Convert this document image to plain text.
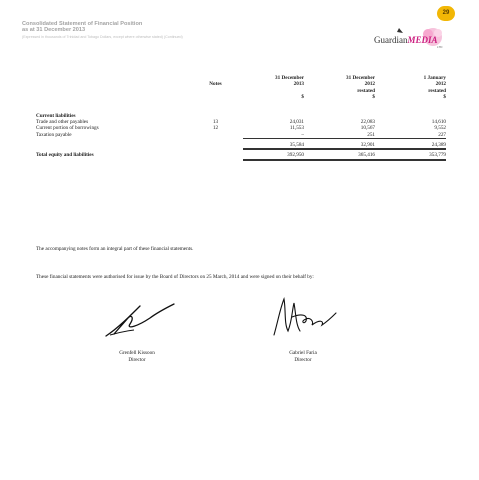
Consolidated Statement of Financial Position
as at 31 December 2013
(Expressed in thousands of Trinidad and Tobago Dollars, except where otherwise stated) (Continued)
29
GuardianMEDIA
LTD
		31 December	31 December	1 January
	Notes	2013	2012	2012
			restated	restated
		$	$	$

Current liabilities				
Trade and other payables	13	24,031	22,083	14,610
Current portion of borrowings	12	11,553	10,567	9,552
Taxation payable		–	251	227

		35,584	32,901	24,389

Total equity and liabilities		392,950	365,416	353,779
The accompanying notes form an integral part of these financial statements.
These financial statements were authorised for issue by the Board of Directors on 25 March, 2014 and were signed on their behalf by:
Grenfell Kissoon
Director
Gabriel Faria
Director
